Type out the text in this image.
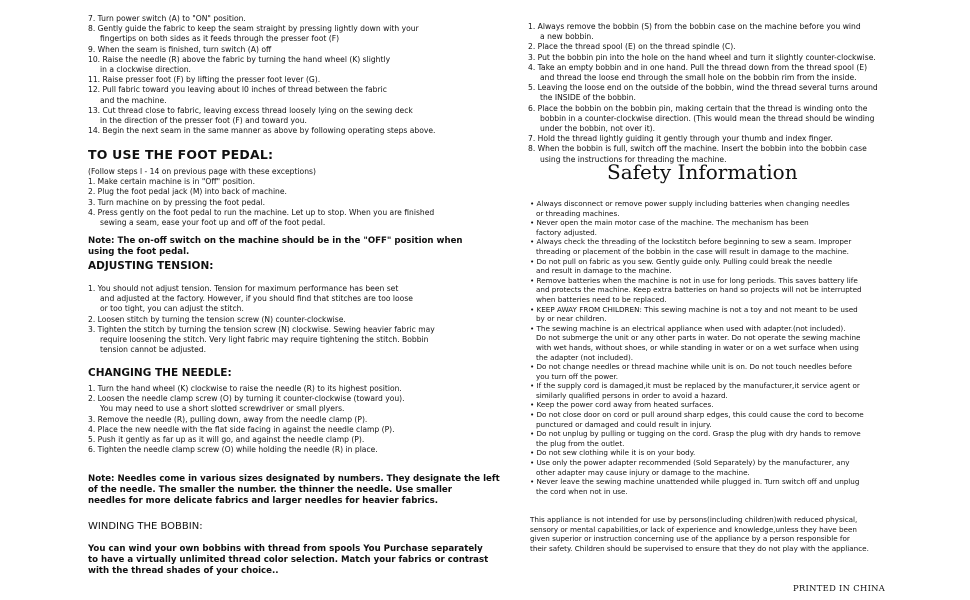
7. Turn power switch (A) to "ON" position.
8. Gently guide the fabric to keep the seam straight by pressing lightly down with your
fingertips on both sides as it feeds through the presser foot (F)
9. When the seam is finished, turn switch (A) off
10. Raise the needle (R) above the fabric by turning the hand wheel (K) slightly
in a clockwise direction.
11. Raise presser foot (F) by lifting the presser foot lever (G).
12. Pull fabric toward you leaving about l0 inches of thread between the fabric
and the machine.
13. Cut thread close to fabric, leaving excess thread loosely lying on the sewing deck
in the direction of the presser foot (F) and toward you.
14. Begin the next seam in the same manner as above by following operating steps above.
TO USE THE FOOT PEDAL:
(Follow steps l - 14 on previous page with these exceptions)
1. Make certain machine is in "Off" position.
2. Plug the foot pedal jack (M) into back of machine.
3. Turn machine on by pressing the foot pedal.
4. Press gently on the foot pedal to run the machine. Let up to stop. When you are finished
sewing a seam, ease your foot up and off of the foot pedal.
Note: The on-off switch on the machine should be in the "OFF" position when
using the foot pedal.
ADJUSTING TENSION:
1. You should not adjust tension. Tension for maximum performance has been set
and adjusted at the factory. However, if you should find that stitches are too loose
or too tight, you can adjust the stitch.
2. Loosen stitch by turning the tension screw (N) counter-clockwise.
3. Tighten the stitch by turning the tension screw (N) clockwise. Sewing heavier fabric may
require loosening the stitch. Very light fabric may require tightening the stitch. Bobbin
tension cannot be adjusted.
CHANGING THE NEEDLE:
1. Turn the hand wheel (K) clockwise to raise the needle (R) to its highest position.
2. Loosen the needle clamp screw (O) by turning it counter-clockwise (toward you).
You may need to use a short slotted screwdriver or small plyers.
3. Remove the needle (R), pulling down, away from the needle clamp (P).
4. Place the new needle with the flat side facing in against the needle clamp (P).
5. Push it gently as far up as it will go, and against the needle clamp (P).
6. Tighten the needle clamp screw (O) while holding the needle (R) in place.
Note: Needles come in various sizes designated by numbers. They designate the left
of the needle. The smaller the number. the thinner the needle. Use smaller
needles for more delicate fabrics and larger needles for heavier fabrics.
WINDING THE BOBBIN:
You can wind your own bobbins with thread from spools You Purchase separately
to have a virtually unlimited thread color selection. Match your fabrics or contrast
with the thread shades of your choice..
1. Always remove the bobbin (S) from the bobbin case on the machine before you wind
a new bobbin.
2. Place the thread spool (E) on the thread spindle (C).
3. Put the bobbin pin into the hole on the hand wheel and turn it slightly counter-clockwise.
4. Take an empty bobbin and in one hand. Pull the thread down from the thread spool (E)
and thread the loose end through the small hole on the bobbin rim from the inside.
5. Leaving the loose end on the outside of the bobbin, wind the thread several turns around
the INSIDE of the bobbin.
6. Place the bobbin on the bobbin pin, making certain that the thread is winding onto the
bobbin in a counter-clockwise direction. (This would mean the thread should be winding
under the bobbin, not over it).
7. Hold the thread lightly guiding it gently through your thumb and index finger.
8. When the bobbin is full, switch off the machine. Insert the bobbin into the bobbin case
using the instructions for threading the machine.
Safety Information
• Always disconnect or remove power supply including batteries when changing needles
or threading machines.
• Never open the main motor case of the machine. The mechanism has been
factory adjusted.
• Always check the threading of the lockstitch before beginning to sew a seam. Improper
threading or placement of the bobbin in the case will result in damage to the machine.
• Do not pull on fabric as you sew. Gently guide only. Pulling could break the needle
and result in damage to the machine.
• Remove batteries when the machine is not in use for long periods. This saves battery life
and protects the machine. Keep extra batteries on hand so projects will not be interrupted
when batteries need to be replaced.
• KEEP AWAY FROM CHILDREN: This sewing machine is not a toy and not meant to be used
by or near children.
• The sewing machine is an electrical appliance when used with adapter.(not included).
Do not submerge the unit or any other parts in water. Do not operate the sewing machine
with wet hands, without shoes, or while standing in water or on a wet surface when using
the adapter (not included).
• Do not change needles or thread machine while unit is on. Do not touch needles before
you turn off the power.
• If the supply cord is damaged,it must be replaced by the manufacturer,it service agent or
similarly qualified persons in order to avoid a hazard.
• Keep the power cord away from heated surfaces.
• Do not close door on cord or pull around sharp edges, this could cause the cord to become
punctured or damaged and could result in injury.
• Do not unplug by pulling or tugging on the cord. Grasp the plug with dry hands to remove
the plug from the outlet.
• Do not sew clothing while it is on your body.
• Use only the power adapter recommended (Sold Separately) by the manufacturer, any
other adapter may cause injury or damage to the machine.
• Never leave the sewing machine unattended while plugged in. Turn switch off and unplug
the cord when not in use.
This appliance is not intended for use by persons(including children)with reduced physical,
sensory or mental capabilities,or lack of experience and knowledge,unless they have been
given superior or instruction concerning use of the appliance by a person responsible for
their safety. Children should be supervised to ensure that they do not play with the appliance.
PRINTED IN CHINA
